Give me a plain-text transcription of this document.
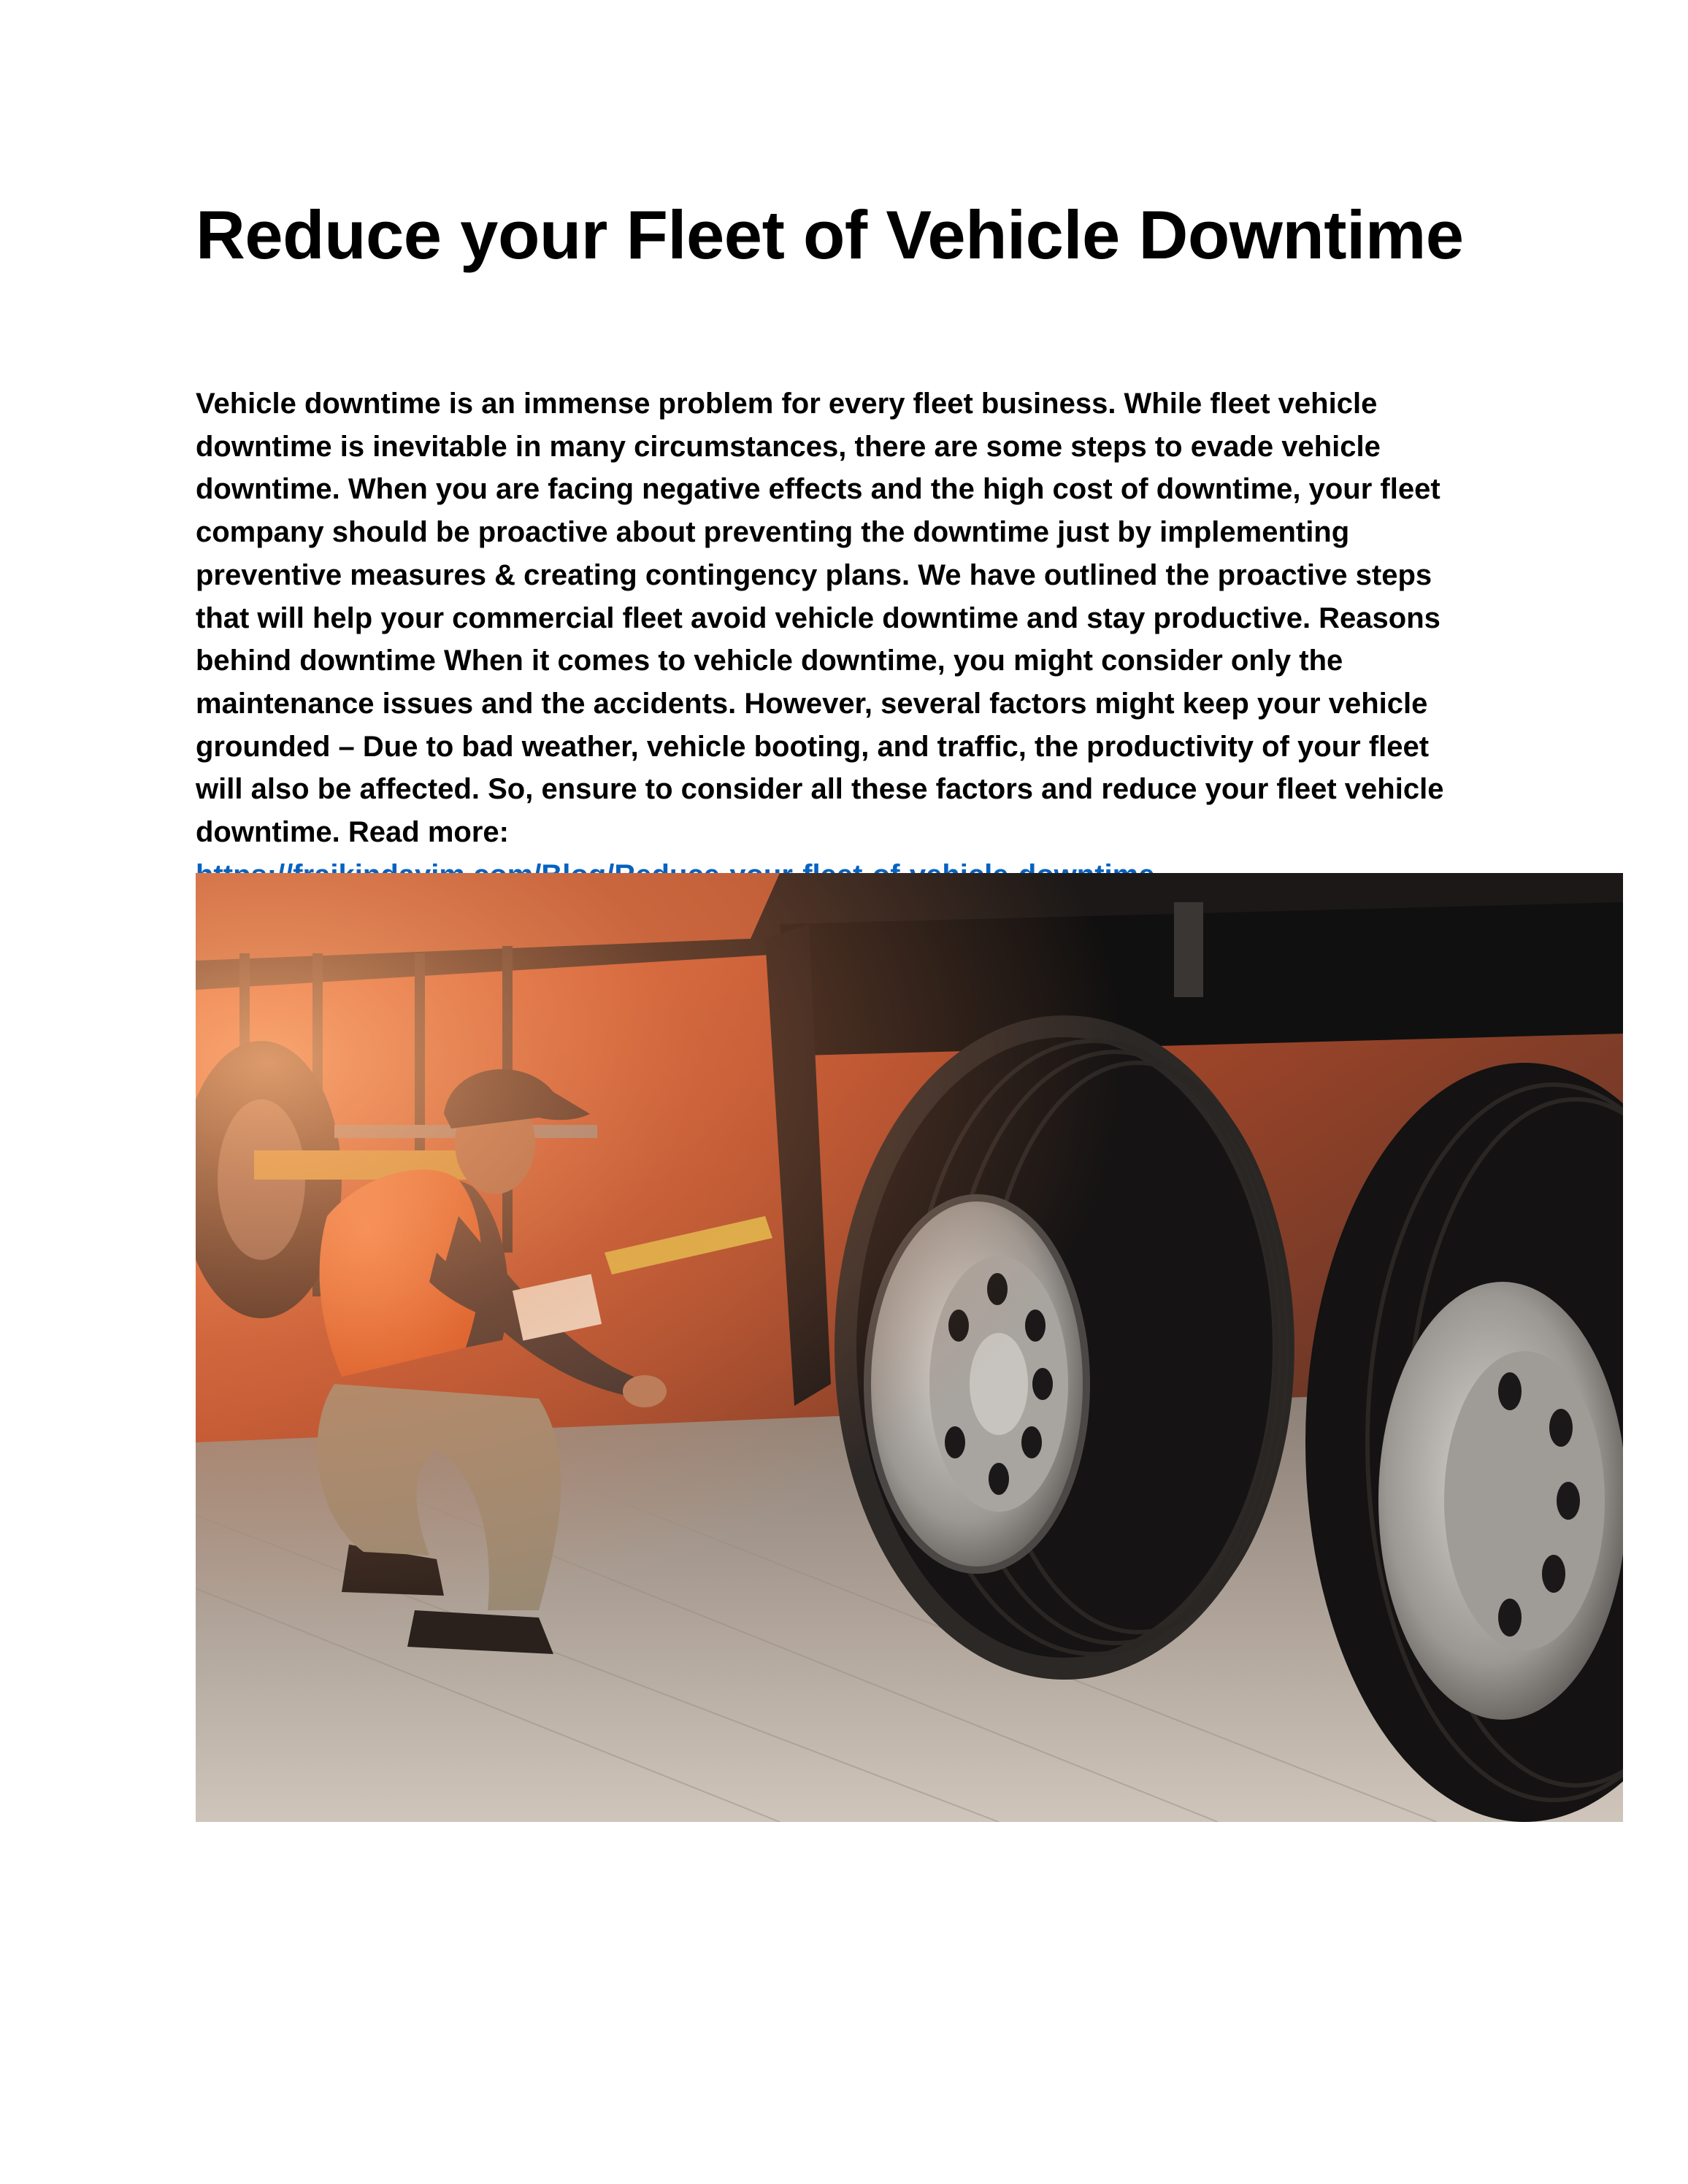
Reduce your Fleet of Vehicle Downtime

Vehicle downtime is an immense problem for every fleet business. While fleet vehicle downtime is inevitable in many circumstances, there are some steps to evade vehicle downtime. When you are facing negative effects and the high cost of downtime, your fleet company should be proactive about preventing the downtime just by implementing preventive measures & creating contingency plans. We have outlined the proactive steps that will help your commercial fleet avoid vehicle downtime and stay productive. Reasons behind downtime When it comes to vehicle downtime, you might consider only the maintenance issues and the accidents. However, several factors might keep your vehicle grounded – Due to bad weather, vehicle booting, and traffic, the productivity of your fleet will also be affected. So, ensure to consider all these factors and reduce your fleet vehicle downtime. Read more:
